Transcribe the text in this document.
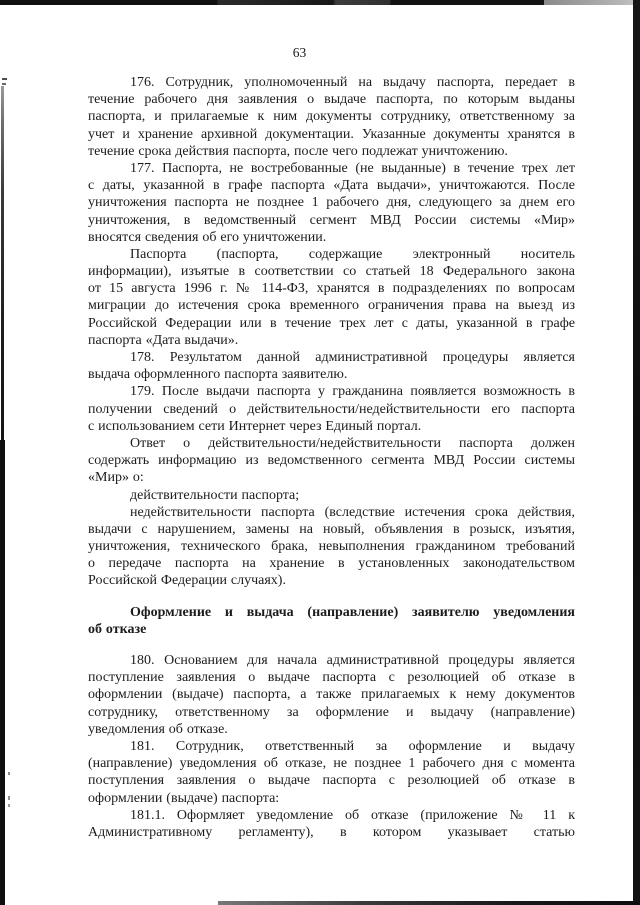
63
176. Сотрудник, уполномоченный на выдачу паспорта, передает в
течение рабочего дня заявления о выдаче паспорта, по которым выданы
паспорта, и прилагаемые к ним документы сотруднику, ответственному за
учет и хранение архивной документации. Указанные документы хранятся в
течение срока действия паспорта, после чего подлежат уничтожению.
177. Паспорта, не востребованные (не выданные) в течение трех лет
с даты, указанной в графе паспорта «Дата выдачи», уничтожаются. После
уничтожения паспорта не позднее 1 рабочего дня, следующего за днем его
уничтожения, в ведомственный сегмент МВД России системы «Мир»
вносятся сведения об его уничтожении.
Паспорта (паспорта, содержащие электронный носитель
информации), изъятые в соответствии со статьей 18 Федерального закона
от 15 августа 1996 г. № 114-ФЗ, хранятся в подразделениях по вопросам
миграции до истечения срока временного ограничения права на выезд из
Российской Федерации или в течение трех лет с даты, указанной в графе
паспорта «Дата выдачи».
178. Результатом данной административной процедуры является
выдача оформленного паспорта заявителю.
179. После выдачи паспорта у гражданина появляется возможность в
получении сведений о действительности/недействительности его паспорта
с использованием сети Интернет через Единый портал.
Ответ о действительности/недействительности паспорта должен
содержать информацию из ведомственного сегмента МВД России системы
«Мир» о:
действительности паспорта;
недействительности паспорта (вследствие истечения срока действия,
выдачи с нарушением, замены на новый, объявления в розыск, изъятия,
уничтожения, технического брака, невыполнения гражданином требований
о передаче паспорта на хранение в установленных законодательством
Российской Федерации случаях).
Оформление и выдача (направление) заявителю уведомления
об отказе
180. Основанием для начала административной процедуры является
поступление заявления о выдаче паспорта с резолюцией об отказе в
оформлении (выдаче) паспорта, а также прилагаемых к нему документов
сотруднику, ответственному за оформление и выдачу (направление)
уведомления об отказе.
181. Сотрудник, ответственный за оформление и выдачу
(направление) уведомления об отказе, не позднее 1 рабочего дня с момента
поступления заявления о выдаче паспорта с резолюцией об отказе в
оформлении (выдаче) паспорта:
181.1. Оформляет уведомление об отказе (приложение № 11 к
Административному регламенту), в котором указывает статью
